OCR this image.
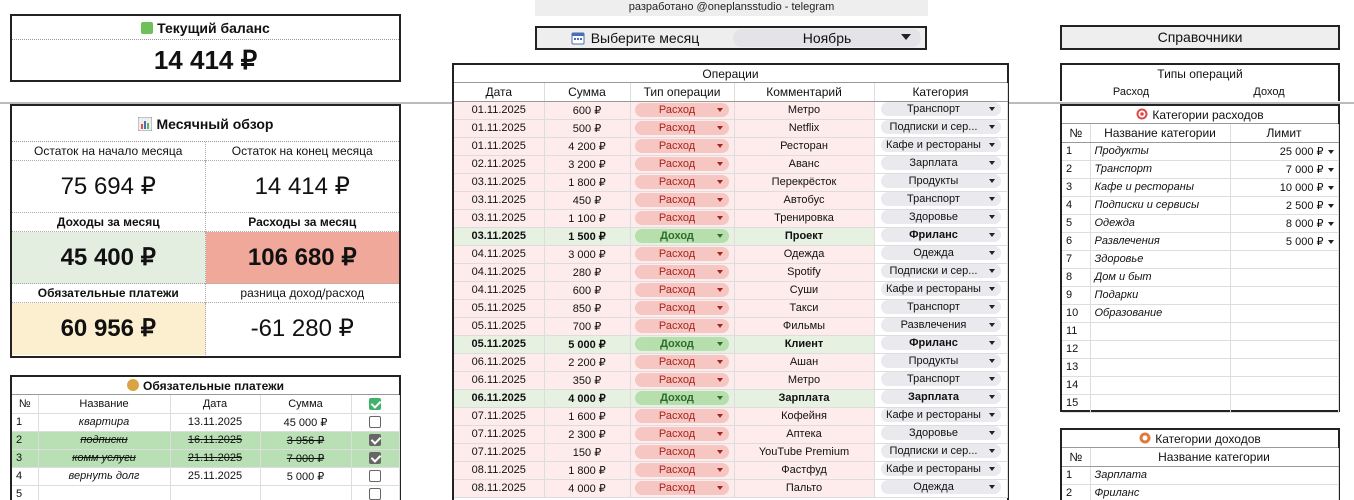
разработано @oneplansstudio - telegram
Текущий баланс
14 414 ₽
Выберите месяц	Ноябрь	Справочники
Месячный обзор
Остаток на начало месяца	Остаток на конец месяца
75 694 ₽	14 414 ₽
Доходы за месяц	Расходы за месяц
45 400 ₽	106 680 ₽
Обязательные платежи	разница доход/расход
60 956 ₽	-61 280 ₽
Обязательные платежи
№	Название	Дата	Сумма	
1	квартира	13.11.2025	45 000 ₽	
2	подписки	16.11.2025	3 956 ₽	
3	комм услуги	21.11.2025	7 000 ₽	
4	вернуть долг	25.11.2025	5 000 ₽	
5				
Операции
Дата	Сумма	Тип операции	Комментарий	Категория
01.11.2025	600 ₽	Расход	Метро	Транспорт

01.11.2025	500 ₽	Расход	Netflix	Подписки и сер...

01.11.2025	4 200 ₽	Расход	Ресторан	Кафе и рестораны

02.11.2025	3 200 ₽	Расход	Аванс	Зарплата

03.11.2025	1 800 ₽	Расход	Перекрёсток	Продукты

03.11.2025	450 ₽	Расход	Автобус	Транспорт

03.11.2025	1 100 ₽	Расход	Тренировка	Здоровье

03.11.2025	1 500 ₽	Доход	Проект	Фриланс

04.11.2025	3 000 ₽	Расход	Одежда	Одежда

04.11.2025	280 ₽	Расход	Spotify	Подписки и сер...

04.11.2025	600 ₽	Расход	Суши	Кафе и рестораны

05.11.2025	850 ₽	Расход	Такси	Транспорт

05.11.2025	700 ₽	Расход	Фильмы	Развлечения

05.11.2025	5 000 ₽	Доход	Клиент	Фриланс

06.11.2025	2 200 ₽	Расход	Ашан	Продукты

06.11.2025	350 ₽	Расход	Метро	Транспорт

06.11.2025	4 000 ₽	Доход	Зарплата	Зарплата

07.11.2025	1 600 ₽	Расход	Кофейня	Кафе и рестораны

07.11.2025	2 300 ₽	Расход	Аптека	Здоровье

07.11.2025	150 ₽	Расход	YouTube Premium	Подписки и сер...

08.11.2025	1 800 ₽	Расход	Фастфуд	Кафе и рестораны

08.11.2025	4 000 ₽	Расход	Пальто	Одежда
Типы операций
Расход	Доход
Категории расходов
№	Название категории	Лимит
1	Продукты	25 000 ₽
2	Транспорт	7 000 ₽
3	Кафе и рестораны	10 000 ₽
4	Подписки и сервисы	2 500 ₽
5	Одежда	8 000 ₽
6	Развлечения	5 000 ₽
7	Здоровье	
8	Дом и быт	
9	Подарки	
10	Образование	
11		
12		
13		
14		
15		
Категории доходов
№	Название категории
1	Зарплата
2	Фриланс
